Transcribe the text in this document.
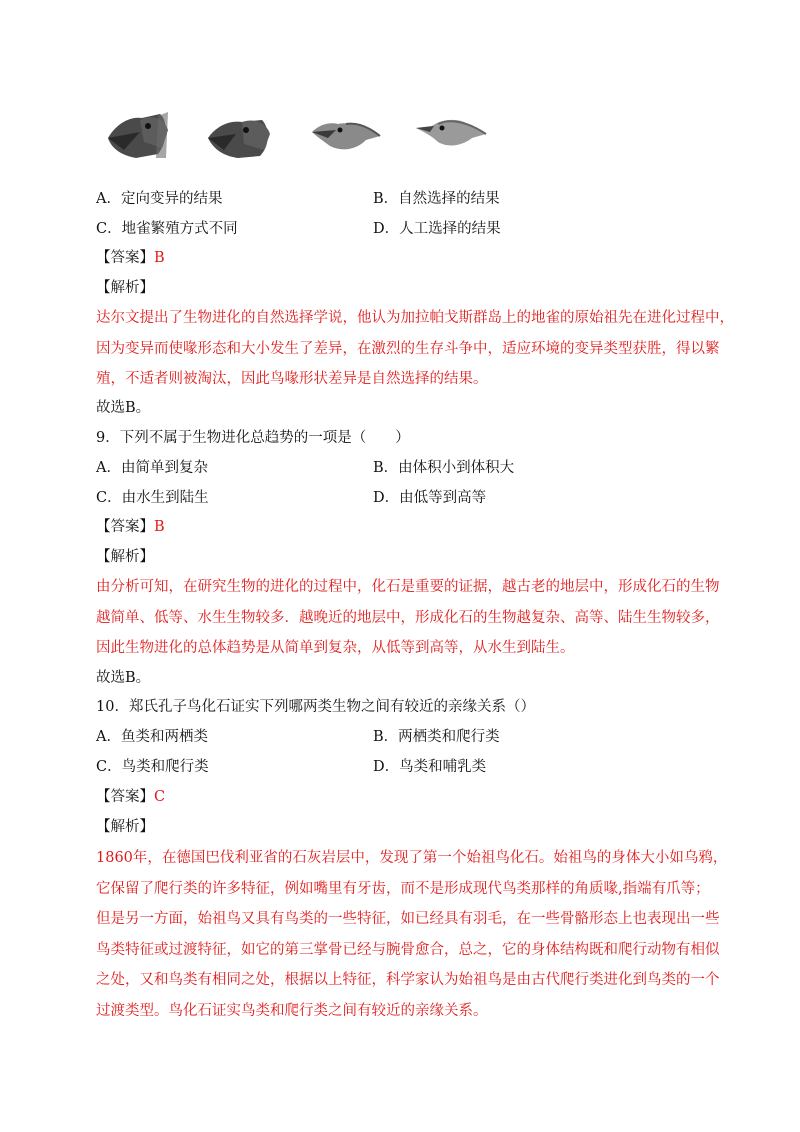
A．定向变异的结果	B．自然选择的结果
C．地雀繁殖方式不同	D．人工选择的结果
【答案】B
【解析】
达尔文提出了生物进化的自然选择学说，他认为加拉帕戈斯群岛上的地雀的原始祖先在进化过程中，
因为变异而使喙形态和大小发生了差异，在激烈的生存斗争中，适应环境的变异类型获胜，得以繁
殖，不适者则被淘汰，因此鸟喙形状差异是自然选择的结果。
故选B。
9．下列不属于生物进化总趋势的一项是（　　）
A．由简单到复杂	B．由体积小到体积大
C．由水生到陆生	D．由低等到高等
【答案】B
【解析】
由分析可知，在研究生物的进化的过程中，化石是重要的证据，越古老的地层中，形成化石的生物
越简单、低等、水生生物较多．越晚近的地层中，形成化石的生物越复杂、高等、陆生生物较多，
因此生物进化的总体趋势是从简单到复杂，从低等到高等，从水生到陆生。
故选B。
10．郑氏孔子鸟化石证实下列哪两类生物之间有较近的亲缘关系（）
A．鱼类和两栖类	B．两栖类和爬行类
C．鸟类和爬行类	D．鸟类和哺乳类
【答案】C
【解析】
1860年，在德国巴伐利亚省的石灰岩层中，发现了第一个始祖鸟化石。始祖鸟的身体大小如乌鸦，
它保留了爬行类的许多特征，例如嘴里有牙齿，而不是形成现代鸟类那样的角质喙,指端有爪等；
但是另一方面，始祖鸟又具有鸟类的一些特征，如已经具有羽毛，在一些骨骼形态上也表现出一些
鸟类特征或过渡特征，如它的第三掌骨已经与腕骨愈合，总之，它的身体结构既和爬行动物有相似
之处，又和鸟类有相同之处，根据以上特征，科学家认为始祖鸟是由古代爬行类进化到鸟类的一个
过渡类型。鸟化石证实鸟类和爬行类之间有较近的亲缘关系。
